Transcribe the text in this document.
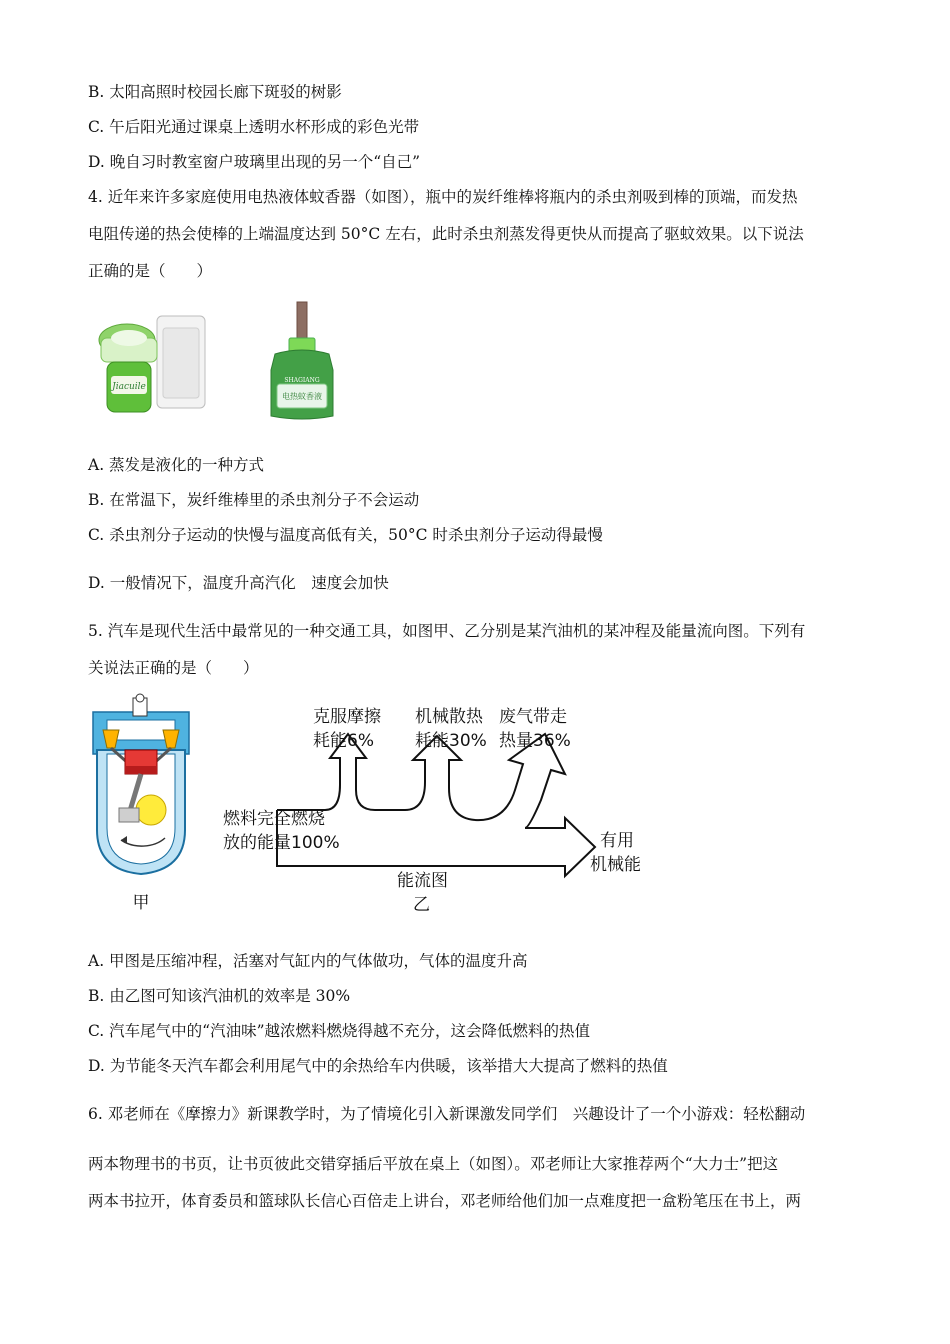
B. 太阳高照时校园长廊下斑驳的树影
C. 午后阳光通过课桌上透明水杯形成的彩色光带
D. 晚自习时教室窗户玻璃里出现的另一个“自己”
4. 近年来许多家庭使用电热液体蚊香器（如图），瓶中的炭纤维棒将瓶内的杀虫剂吸到棒的顶端，而发热
电阻传递的热会使棒的上端温度达到 50°C 左右，此时杀虫剂蒸发得更快从而提高了驱蚊效果。以下说法
正确的是（　　）
Jiacuile
SHAGIANG
电热蚊香液
A. 蒸发是液化的一种方式
B. 在常温下，炭纤维棒里的杀虫剂分子不会运动
C. 杀虫剂分子运动的快慢与温度高低有关，50°C 时杀虫剂分子运动得最慢
D. 一般情况下，温度升高汽化　速度会加快
5. 汽车是现代生活中最常见的一种交通工具，如图甲、乙分别是某汽油机的某冲程及能量流向图。下列有
关说法正确的是（　　）
甲
克服摩擦
耗能6%
机械散热
耗能30%
废气带走
热量36%
燃料完全燃烧
放的能量100%	有用
机械能
能流图
乙
A. 甲图是压缩冲程，活塞对气缸内的气体做功，气体的温度升高
B. 由乙图可知该汽油机的效率是 30%
C. 汽车尾气中的“汽油味”越浓燃料燃烧得越不充分，这会降低燃料的热值
D. 为节能冬天汽车都会利用尾气中的余热给车内供暖，该举措大大提高了燃料的热值
6. 邓老师在《摩擦力》新课教学时，为了情境化引入新课激发同学们　兴趣设计了一个小游戏：轻松翻动
两本物理书的书页，让书页彼此交错穿插后平放在桌上（如图）。邓老师让大家推荐两个“大力士”把这
两本书拉开，体育委员和篮球队长信心百倍走上讲台，邓老师给他们加一点难度把一盒粉笔压在书上，两
